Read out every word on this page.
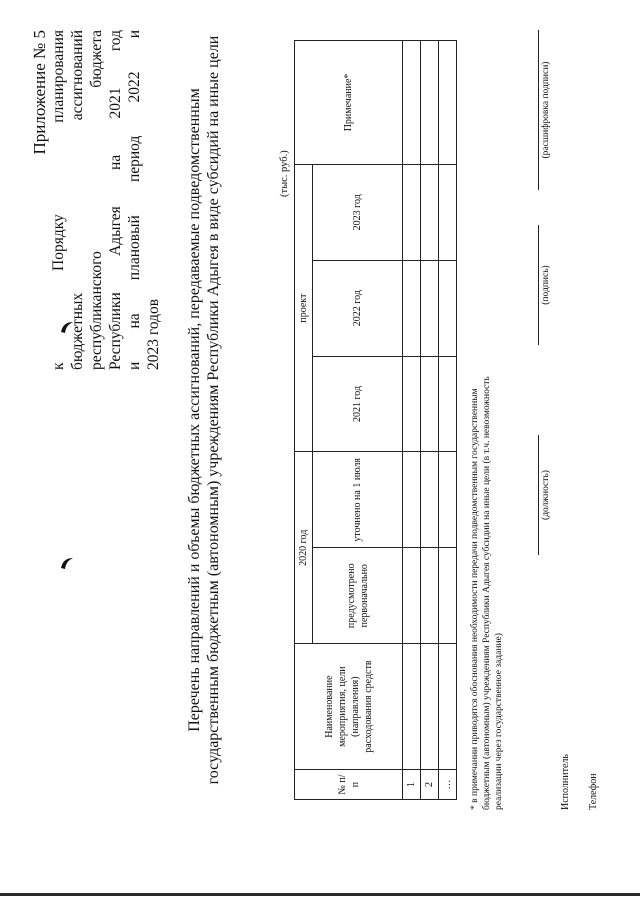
Приложение № 5 к Порядку планирования бюджетных ассигнований республиканского бюджета Республики Адыгея на 2021 год и на плановый период 2022 и 2023 годов Перечень направлений и объемы бюджетных ассигнований, передаваемые подведомственным государственным бюджетным (автономным) учреждениям Республики Адыгея в виде субсидий на иные цели	(тыс. руб.)
№ п/п	Наименование мероприятия, цели (направления) расходования средств	2020 год		проект			Примечание*
		предусмотрено первоначально	уточнено на 1 июля	2021 год	2022 год	2023 год	
1							
2							
…							* в примечании приводятся обоснования необходимости передачи подведомственным государственным бюджетным (автономным) учреждениям Республики Адыгея субсидии на иные цели (в т.ч. невозможность реализации через государственное задание)	Исполнитель Телефон
(должность)
(подпись)
(расшифровка подписи)
